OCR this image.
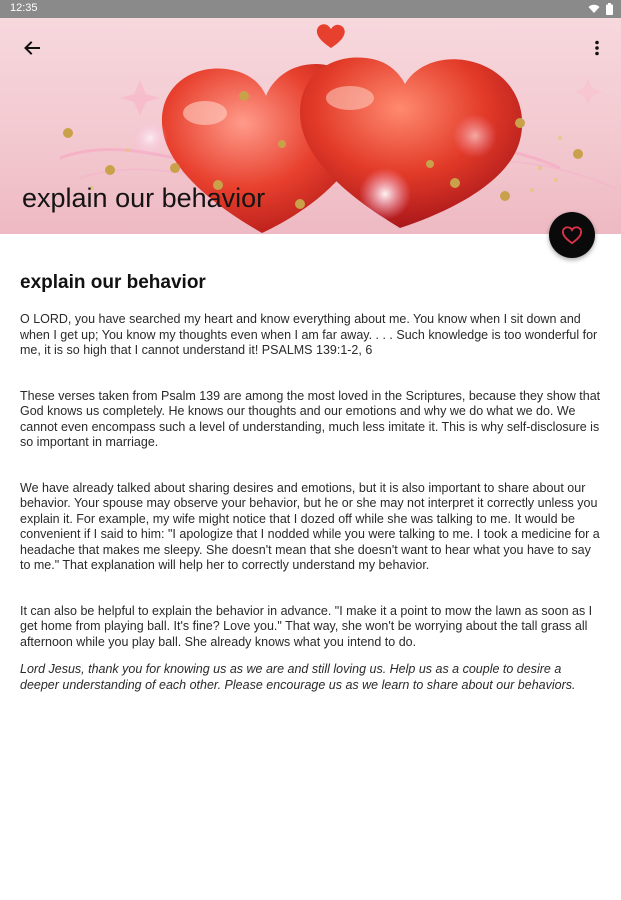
12:35

explain our behavior
explain our behavior

O LORD, you have searched my heart and know everything about me. You know when I sit down and when I get up; You know my thoughts even when I am far away. . . . Such knowledge is too wonderful for me, it is so high that I cannot understand it! PSALMS 139:1-2, 6

These verses taken from Psalm 139 are among the most loved in the Scriptures, because they show that God knows us completely. He knows our thoughts and our emotions and why we do what we do. We cannot even encompass such a level of understanding, much less imitate it. This is why self-disclosure is so important in marriage.

We have already talked about sharing desires and emotions, but it is also important to share about our behavior. Your spouse may observe your behavior, but he or she may not interpret it correctly unless you explain it. For example, my wife might notice that I dozed off while she was talking to me. It would be convenient if I said to him: "I apologize that I nodded while you were talking to me. I took a medicine for a headache that makes me sleepy. She doesn't mean that she doesn't want to hear what you have to say to me." That explanation will help her to correctly understand my behavior.

It can also be helpful to explain the behavior in advance. "I make it a point to mow the lawn as soon as I get home from playing ball. It's fine? Love you." That way, she won't be worrying about the tall grass all afternoon while you play ball. She already knows what you intend to do.

Lord Jesus, thank you for knowing us as we are and still loving us. Help us as a couple to desire a deeper understanding of each other. Please encourage us as we learn to share about our behaviors.
